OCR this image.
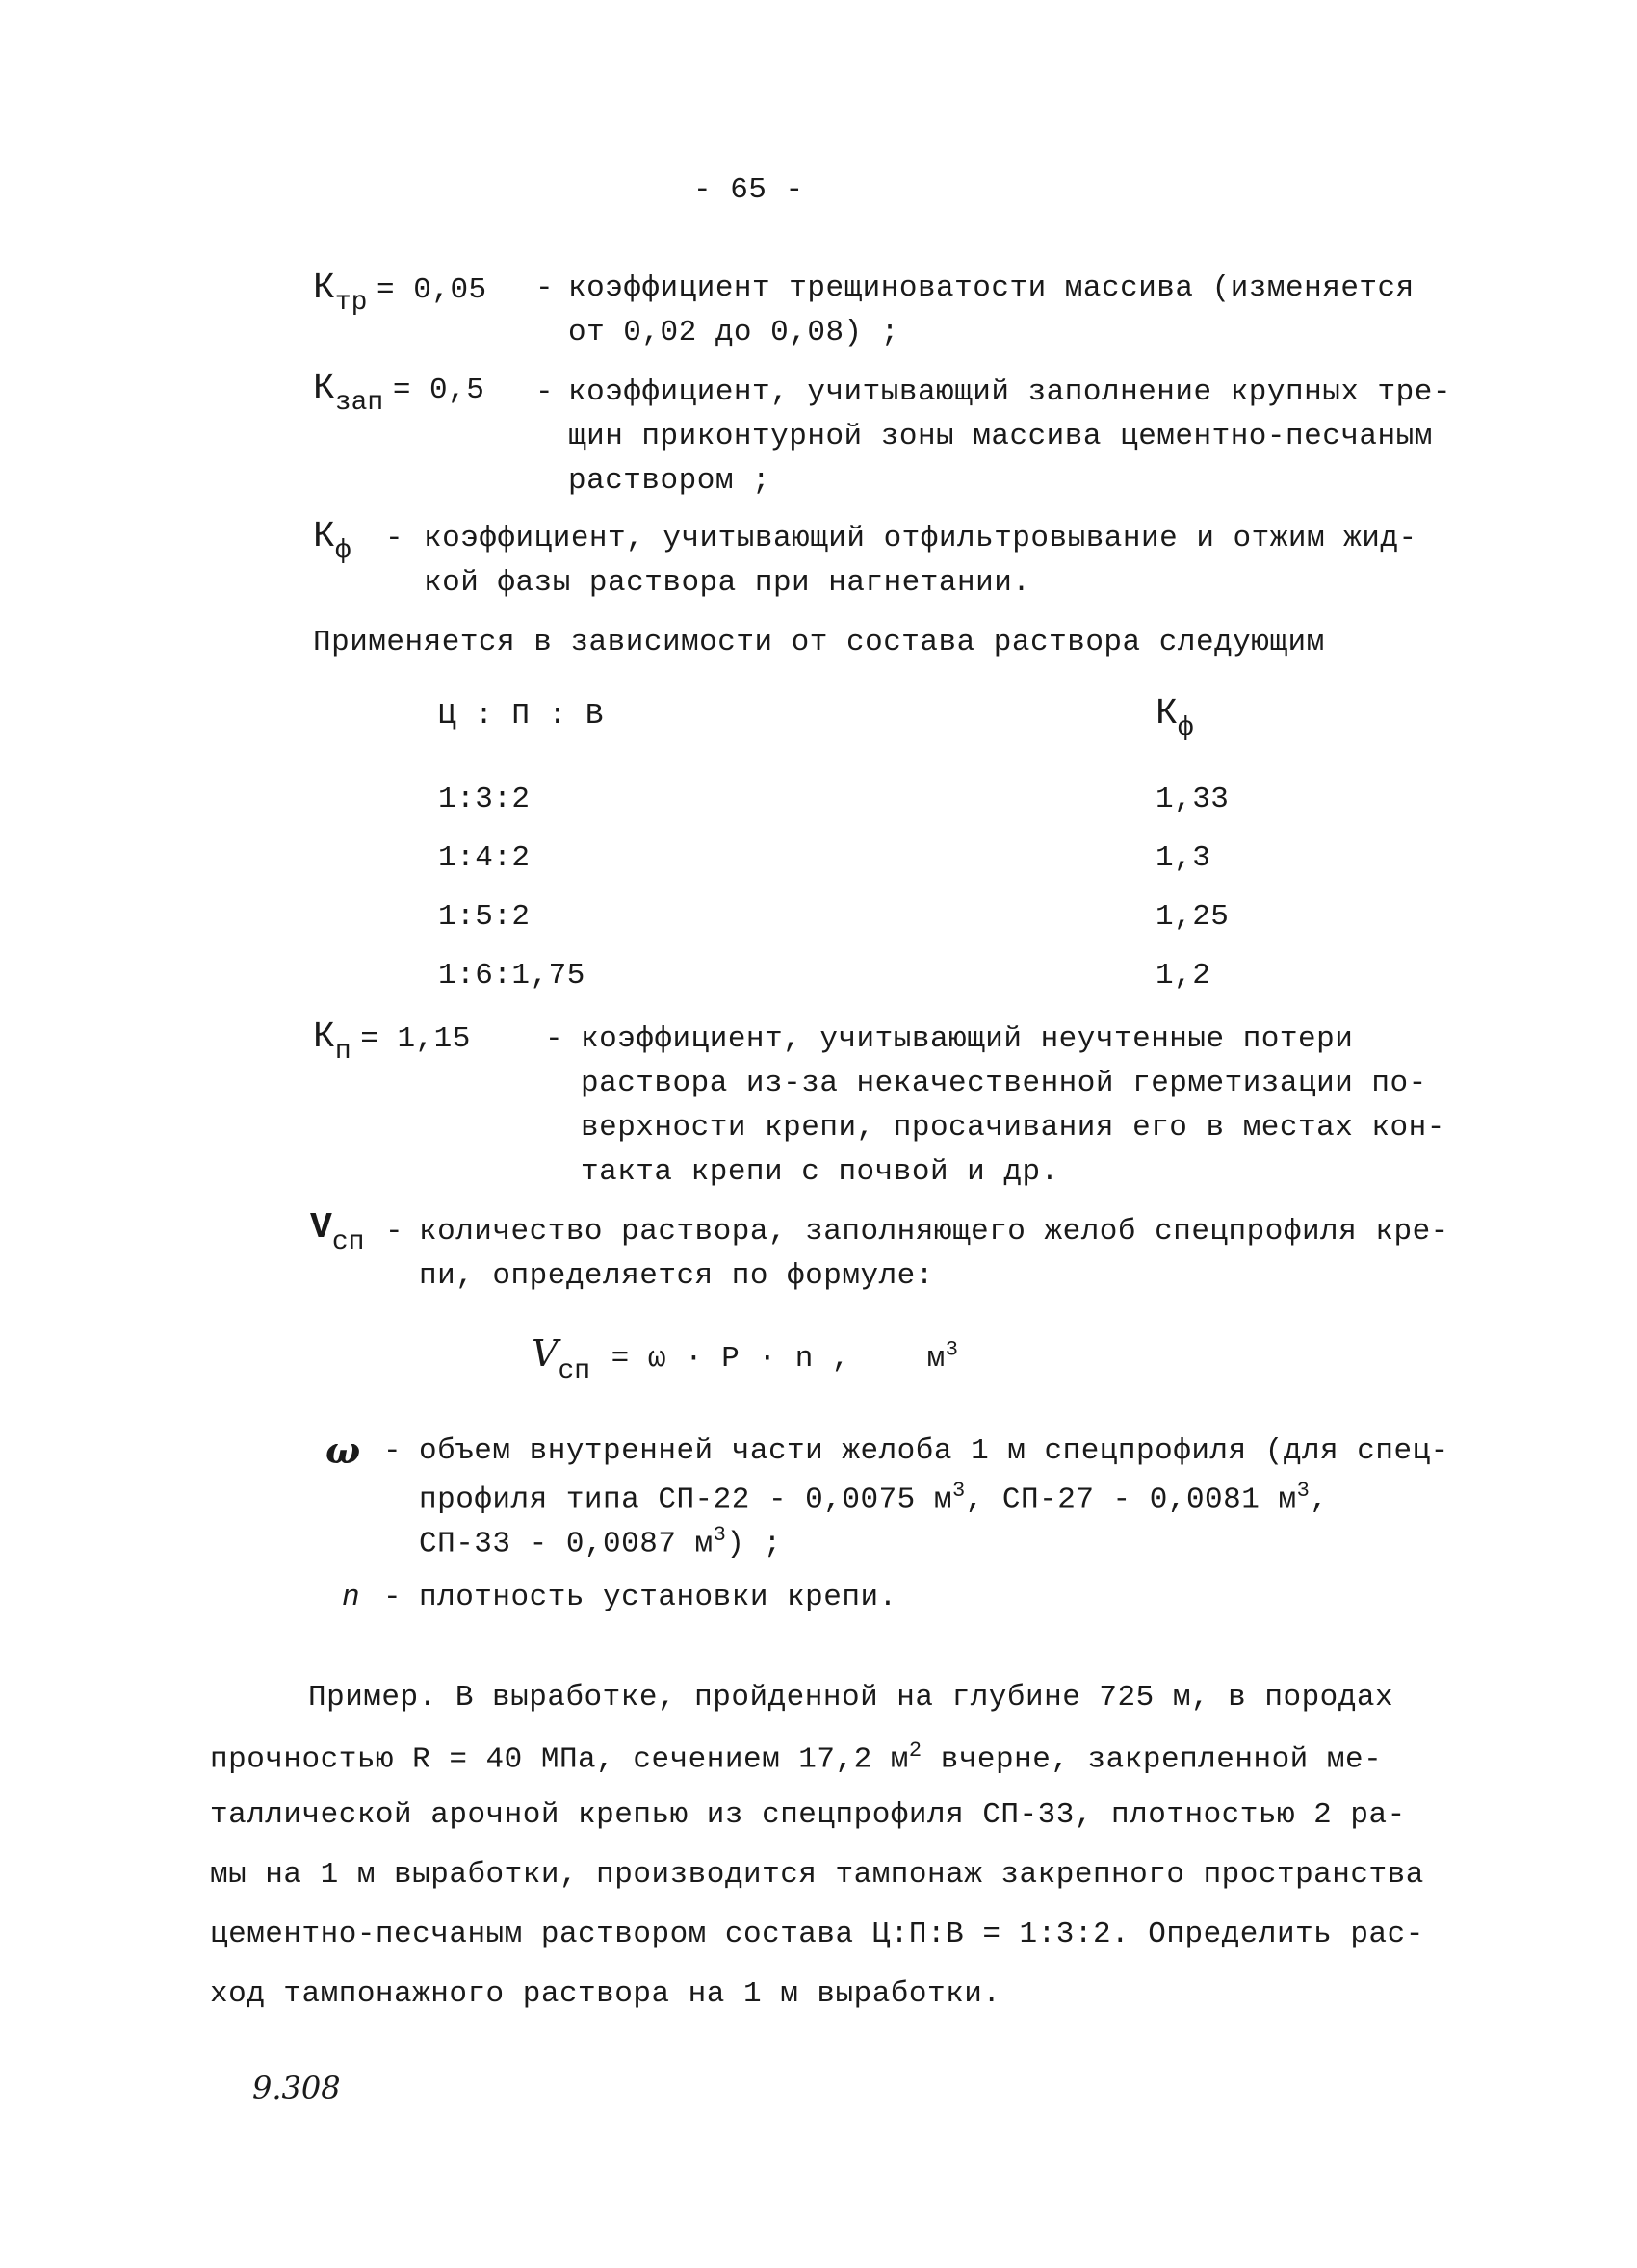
- 65 -
Ктр = 0,05 - коэффициент трещиноватости массива (изменяется
от 0,02 до 0,08) ;
Кзап = 0,5 - коэффициент, учитывающий заполнение крупных тре-
щин приконтурной зоны массива цементно-песчаным
раствором ;
Кф - коэффициент, учитывающий отфильтровывание и отжим жид-
кой фазы раствора при нагнетании.
Применяется в зависимости от состава раствора следующим
Ц : П : В	Кф
1:3:2	1,33
1:4:2	1,3
1:5:2	1,25
1:6:1,75	1,2
Кп = 1,15 - коэффициент, учитывающий неучтенные потери
раствора из-за некачественной герметизации по-
верхности крепи, просачивания его в местах кон-
такта крепи с почвой и др.
Vсп - количество раствора, заполняющего желоб спецпрофиля кре-
пи, определяется по формуле:
Vсп = ω · P · n ,	$м^3$
ω - объем внутренней части желоба 1 м спецпрофиля (для спец-
профиля типа СП-22 - 0,0075 $м^3$, СП-27 - 0,0081 $м^3$,
СП-33 - 0,0087 $м^3$) ;
n - плотность установки крепи.
Пример. В выработке, пройденной на глубине 725 м, в породах
прочностью R = 40 МПа, сечением 17,2 $м^2$ вчерне, закрепленной ме-
таллической арочной крепью из спецпрофиля СП-33, плотностью 2 ра-
мы на 1 м выработки, производится тампонаж закрепного пространства
цементно-песчаным раствором состава Ц:П:В = 1:3:2. Определить рас-
ход тампонажного раствора на 1 м выработки.
9.308
